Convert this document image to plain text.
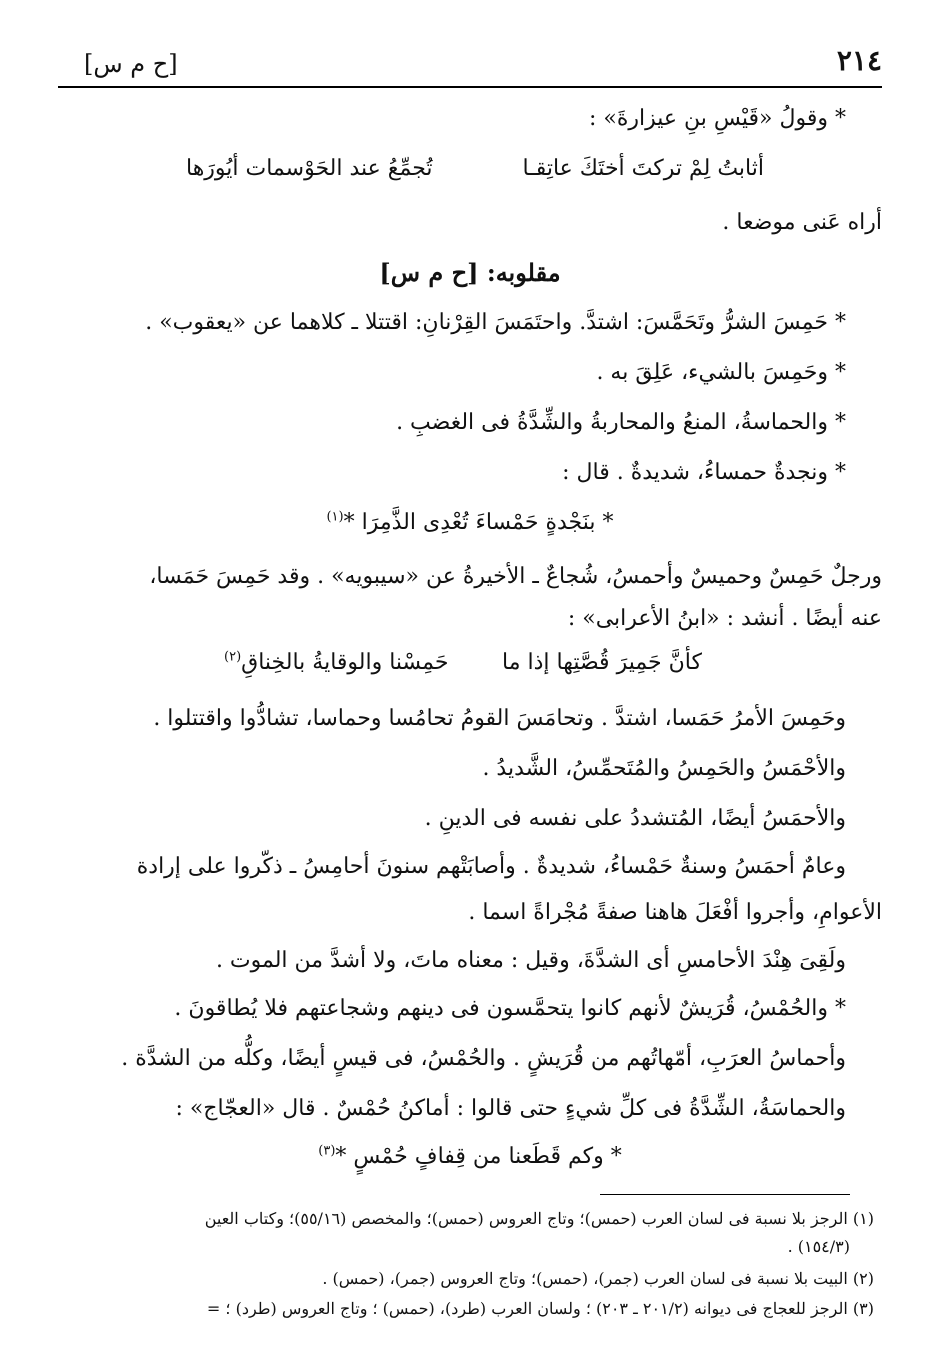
٢١٤
[ح م س]
* وقولُ «قَيْسِ بنِ عيزارةَ» :
أثابتُ لِمْ تركتَ أختَكَ عاتِقـا
تُجمِّعُ عند الحَوْسمات أيُورَها
أراه عَنى موضعا .
مقلوبه: [ح م س]
* حَمِسَ الشرُّ وتَحَمَّسَ: اشتدَّ. واحتَمَسَ القِرْنانِ: اقتتلا ـ كلاهما عن «يعقوب» .
* وحَمِسَ بالشيء، عَلِقَ به .
* والحماسةُ، المنعُ والمحاربةُ والشِّدَّةُ فى الغضبِ .
* ونجدةٌ حمساءُ، شديدةٌ . قال :
* بنَجْدةٍ حَمْساءَ تُعْدِى الذَّمِرَا *$^{(١)}$
ورجلٌ حَمِسٌ وحميسٌ وأحمسُ، شُجاعٌ ـ الأخيرةُ عن «سيبويه» . وقد حَمِسَ حَمَسا،
عنه أيضًا . أنشد : «ابنُ الأعرابى» :
كأنَّ جَمِيرَ قُصَّتِها إذا ما
حَمِسْنا والوقايةُ بالخِناقِ$^{(٢)}$
وحَمِسَ الأمرُ حَمَسا، اشتدَّ . وتحامَسَ القومُ تحامُسا وحماسا، تشادُّوا واقتتلوا .
والأحْمَسُ والحَمِسُ والمُتَحمِّسُ، الشَّديدُ .
والأحمَسُ أيضًا، المُتشددُ على نفسه فى الدينِ .
وعامٌ أحمَسُ وسنةٌ حَمْساءُ، شديدةٌ . وأصابَتْهم سنونَ أحامِسُ ـ ذكّروا على إرادة
الأعوامِ، وأجروا أفْعَلَ هاهنا صفةً مُجْراةً اسما .
ولَقِىَ هِنْدَ الأحامسِ أى الشدَّةَ، وقيل : معناه ماتَ، ولا أشدَّ من الموت .
* والحُمْسُ، قُرَيشٌ لأنهم كانوا يتحمَّسون فى دينهم وشجاعتهم فلا يُطاقونَ .
وأحماسُ العرَبِ، أمّهاتُهم من قُرَيشٍ . والحُمْسُ، فى قيسٍ أيضًا، وكلُّه من الشدَّة .
والحماسَةُ، الشِّدَّةُ فى كلِّ شيءٍ حتى قالوا : أماكنُ حُمْسٌ . قال «العجّاج» :
* وكم قَطَعنا من قِفافٍ حُمْسٍ *$^{(٣)}$
(١) الرجز بلا نسبة فى لسان العرب (حمس)؛ وتاج العروس (حمس)؛ والمخصص (٥٥/١٦)؛ وكتاب العين
(١٥٤/٣) .
(٢) البيت بلا نسبة فى لسان العرب (جمر)، (حمس)؛ وتاج العروس (جمر)، (حمس) .
(٣) الرجز للعجاج فى ديوانه (٢٠١/٢ ـ ٢٠٣) ؛ ولسان العرب (طرد)، (حمس) ؛ وتاج العروس (طرد) ؛ =
